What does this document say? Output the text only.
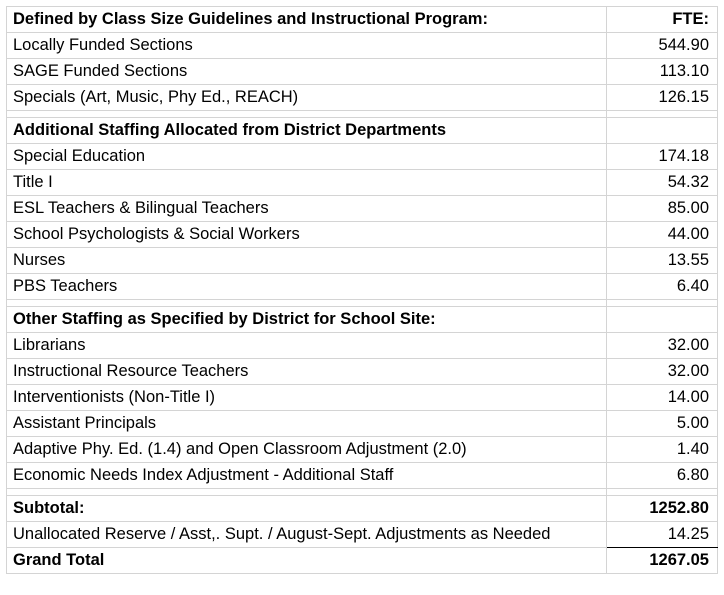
Defined by Class Size Guidelines and Instructional Program:	FTE:
Locally Funded Sections	544.90
SAGE Funded Sections	113.10
Specials (Art, Music, Phy Ed., REACH)	126.15

Additional Staffing Allocated from District Departments	
Special Education	174.18
Title I	54.32
ESL Teachers & Bilingual Teachers	85.00
School Psychologists & Social Workers	44.00
Nurses	13.55
PBS Teachers	6.40

Other Staffing as Specified by District for School Site:	
Librarians	32.00
Instructional Resource Teachers	32.00
Interventionists (Non-Title I)	14.00
Assistant Principals	5.00
Adaptive Phy. Ed. (1.4) and Open Classroom Adjustment (2.0)	1.40
Economic Needs Index Adjustment - Additional Staff	6.80

Subtotal:	1252.80
Unallocated Reserve / Asst,. Supt. / August-Sept. Adjustments as Needed	14.25
Grand Total	1267.05
